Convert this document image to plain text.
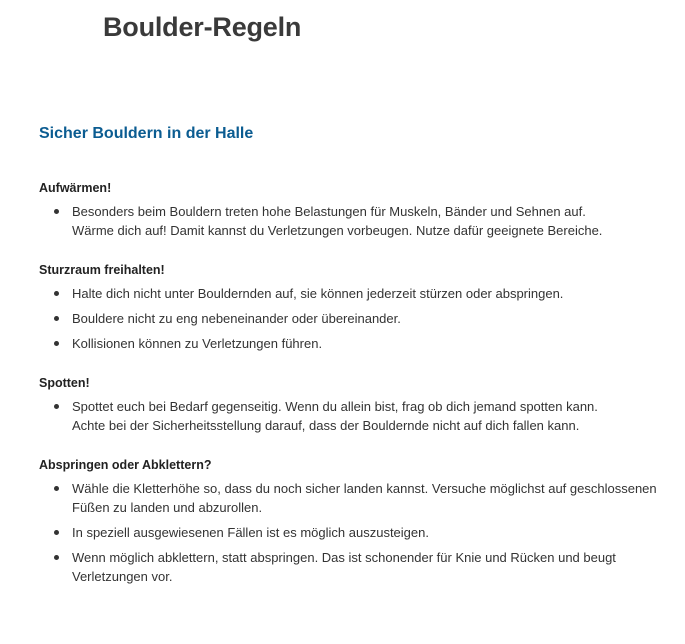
Boulder-Regeln
Sicher Bouldern in der Halle
Aufwärmen!
Besonders beim Bouldern treten hohe Belastungen für Muskeln, Bänder und Sehnen auf.
Wärme dich auf! Damit kannst du Verletzungen vorbeugen. Nutze dafür geeignete Bereiche.
Sturzraum freihalten!
Halte dich nicht unter Bouldernden auf, sie können jederzeit stürzen oder abspringen.
Bouldere nicht zu eng nebeneinander oder übereinander.
Kollisionen können zu Verletzungen führen.
Spotten!
Spottet euch bei Bedarf gegenseitig. Wenn du allein bist, frag ob dich jemand spotten kann.
Achte bei der Sicherheitsstellung darauf, dass der Bouldernde nicht auf dich fallen kann.
Abspringen oder Abklettern?
Wähle die Kletterhöhe so, dass du noch sicher landen kannst. Versuche möglichst auf geschlossenen
Füßen zu landen und abzurollen.
In speziell ausgewiesenen Fällen ist es möglich auszusteigen.
Wenn möglich abklettern, statt abspringen. Das ist schonender für Knie und Rücken und beugt
Verletzungen vor.
